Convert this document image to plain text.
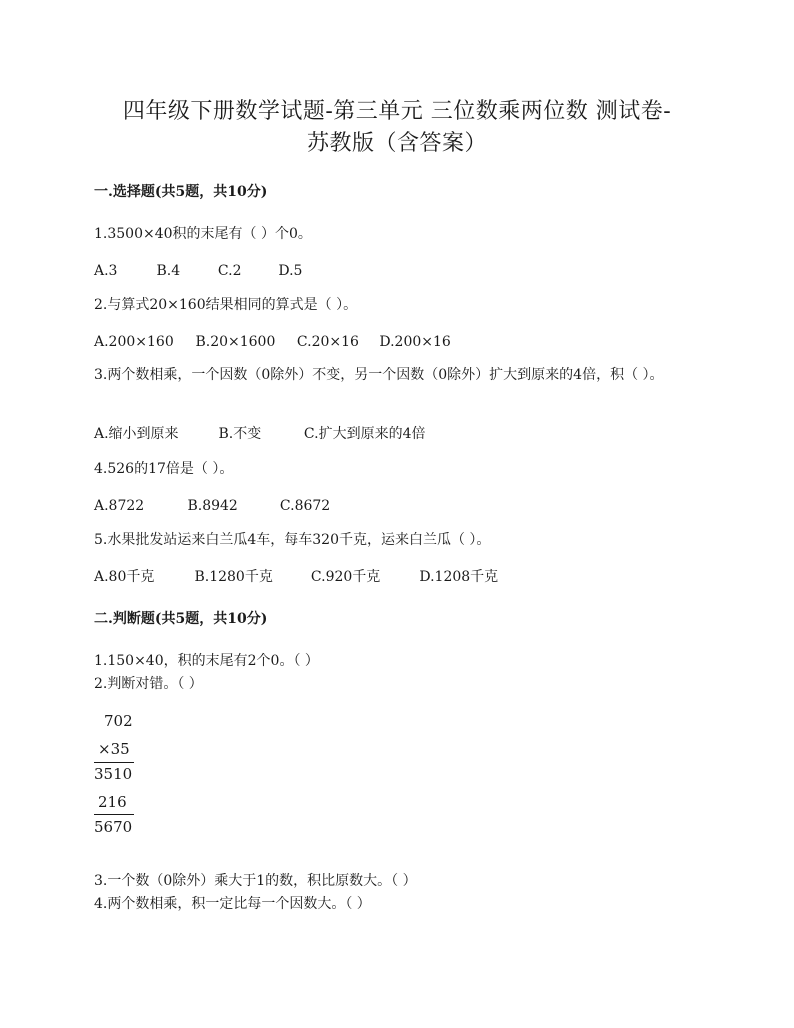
四年级下册数学试题-第三单元 三位数乘两位数 测试卷-
苏教版（含答案）
一.选择题(共5题，共10分)
1.3500×40积的末尾有（ ）个0。
A.3	B.4	C.2	D.5
2.与算式20×160结果相同的算式是（ ）。
A.200×160 B.20×1600 C.20×16 D.200×16
3.两个数相乘，一个因数（0除外）不变，另一个因数（0除外）扩大到原来的4倍，积（ ）。
A.缩小到原来	B.不变	C.扩大到原来的4倍
4.526的17倍是（ ）。
A.8722	B.8942	C.8672
5.水果批发站运来白兰瓜4车，每车320千克，运来白兰瓜（ ）。
A.80千克	B.1280千克	C.920千克	D.1208千克
二.判断题(共5题，共10分)
1.150×40，积的末尾有2个0。（ ）
2.判断对错。（ ）
702
×35
3510
216
5670
3.一个数（0除外）乘大于1的数，积比原数大。（ ）
4.两个数相乘，积一定比每一个因数大。（ ）
